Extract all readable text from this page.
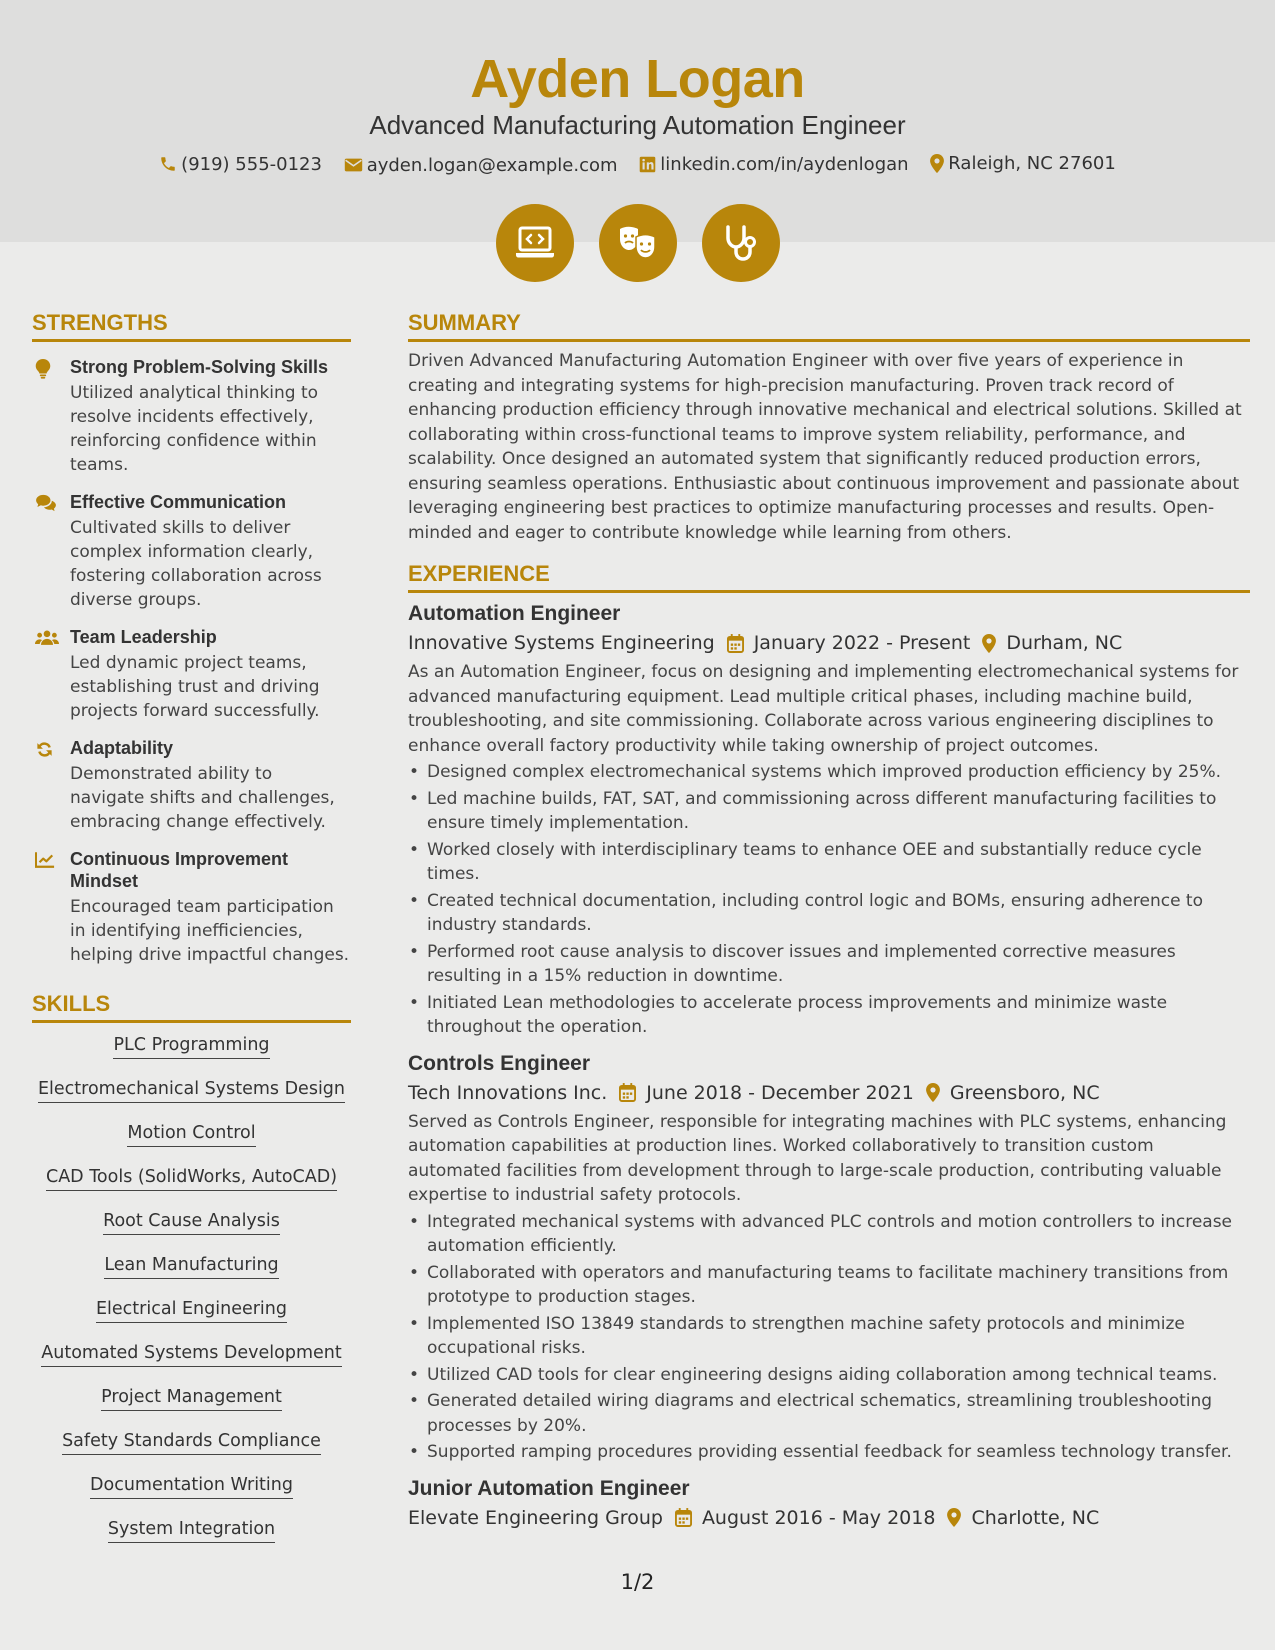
Ayden Logan
Advanced Manufacturing Automation Engineer
(919) 555-0123
ayden.logan@example.com
linkedin.com/in/aydenlogan
Raleigh, NC 27601
STRENGTHS
Strong Problem-Solving Skills
Utilized analytical thinking to resolve incidents effectively, reinforcing confidence within teams.
Effective Communication
Cultivated skills to deliver complex information clearly, fostering collaboration across diverse groups.
Team Leadership
Led dynamic project teams, establishing trust and driving projects forward successfully.
Adaptability
Demonstrated ability to navigate shifts and challenges, embracing change effectively.
Continuous Improvement Mindset
Encouraged team participation in identifying inefficiencies, helping drive impactful changes.
SKILLS
PLC Programming
Electromechanical Systems Design
Motion Control
CAD Tools (SolidWorks, AutoCAD)
Root Cause Analysis
Lean Manufacturing
Electrical Engineering
Automated Systems Development
Project Management
Safety Standards Compliance
Documentation Writing
System Integration
SUMMARY

Driven Advanced Manufacturing Automation Engineer with over five years of experience in creating and integrating systems for high-precision manufacturing. Proven track record of enhancing production efficiency through innovative mechanical and electrical solutions. Skilled at collaborating within cross-functional teams to improve system reliability, performance, and scalability. Once designed an automated system that significantly reduced production errors, ensuring seamless operations. Enthusiastic about continuous improvement and passionate about leveraging engineering best practices to optimize manufacturing processes and results. Open-minded and eager to contribute knowledge while learning from others.

EXPERIENCE
Automation Engineer
Innovative Systems Engineering January 2022 - Present Durham, NC
As an Automation Engineer, focus on designing and implementing electromechanical systems for advanced manufacturing equipment. Lead multiple critical phases, including machine build, troubleshooting, and site commissioning. Collaborate across various engineering disciplines to enhance overall factory productivity while taking ownership of project outcomes.
• Designed complex electromechanical systems which improved production efficiency by 25%.
• Led machine builds, FAT, SAT, and commissioning across different manufacturing facilities to ensure timely implementation.
• Worked closely with interdisciplinary teams to enhance OEE and substantially reduce cycle times.
• Created technical documentation, including control logic and BOMs, ensuring adherence to industry standards.
• Performed root cause analysis to discover issues and implemented corrective measures resulting in a 15% reduction in downtime.
• Initiated Lean methodologies to accelerate process improvements and minimize waste throughout the operation.
Controls Engineer
Tech Innovations Inc. June 2018 - December 2021 Greensboro, NC
Served as Controls Engineer, responsible for integrating machines with PLC systems, enhancing automation capabilities at production lines. Worked collaboratively to transition custom automated facilities from development through to large-scale production, contributing valuable expertise to industrial safety protocols.
• Integrated mechanical systems with advanced PLC controls and motion controllers to increase automation efficiently.
• Collaborated with operators and manufacturing teams to facilitate machinery transitions from prototype to production stages.
• Implemented ISO 13849 standards to strengthen machine safety protocols and minimize occupational risks.
• Utilized CAD tools for clear engineering designs aiding collaboration among technical teams.
• Generated detailed wiring diagrams and electrical schematics, streamlining troubleshooting processes by 20%.
• Supported ramping procedures providing essential feedback for seamless technology transfer.
Junior Automation Engineer
Elevate Engineering Group August 2016 - May 2018 Charlotte, NC
1/2
